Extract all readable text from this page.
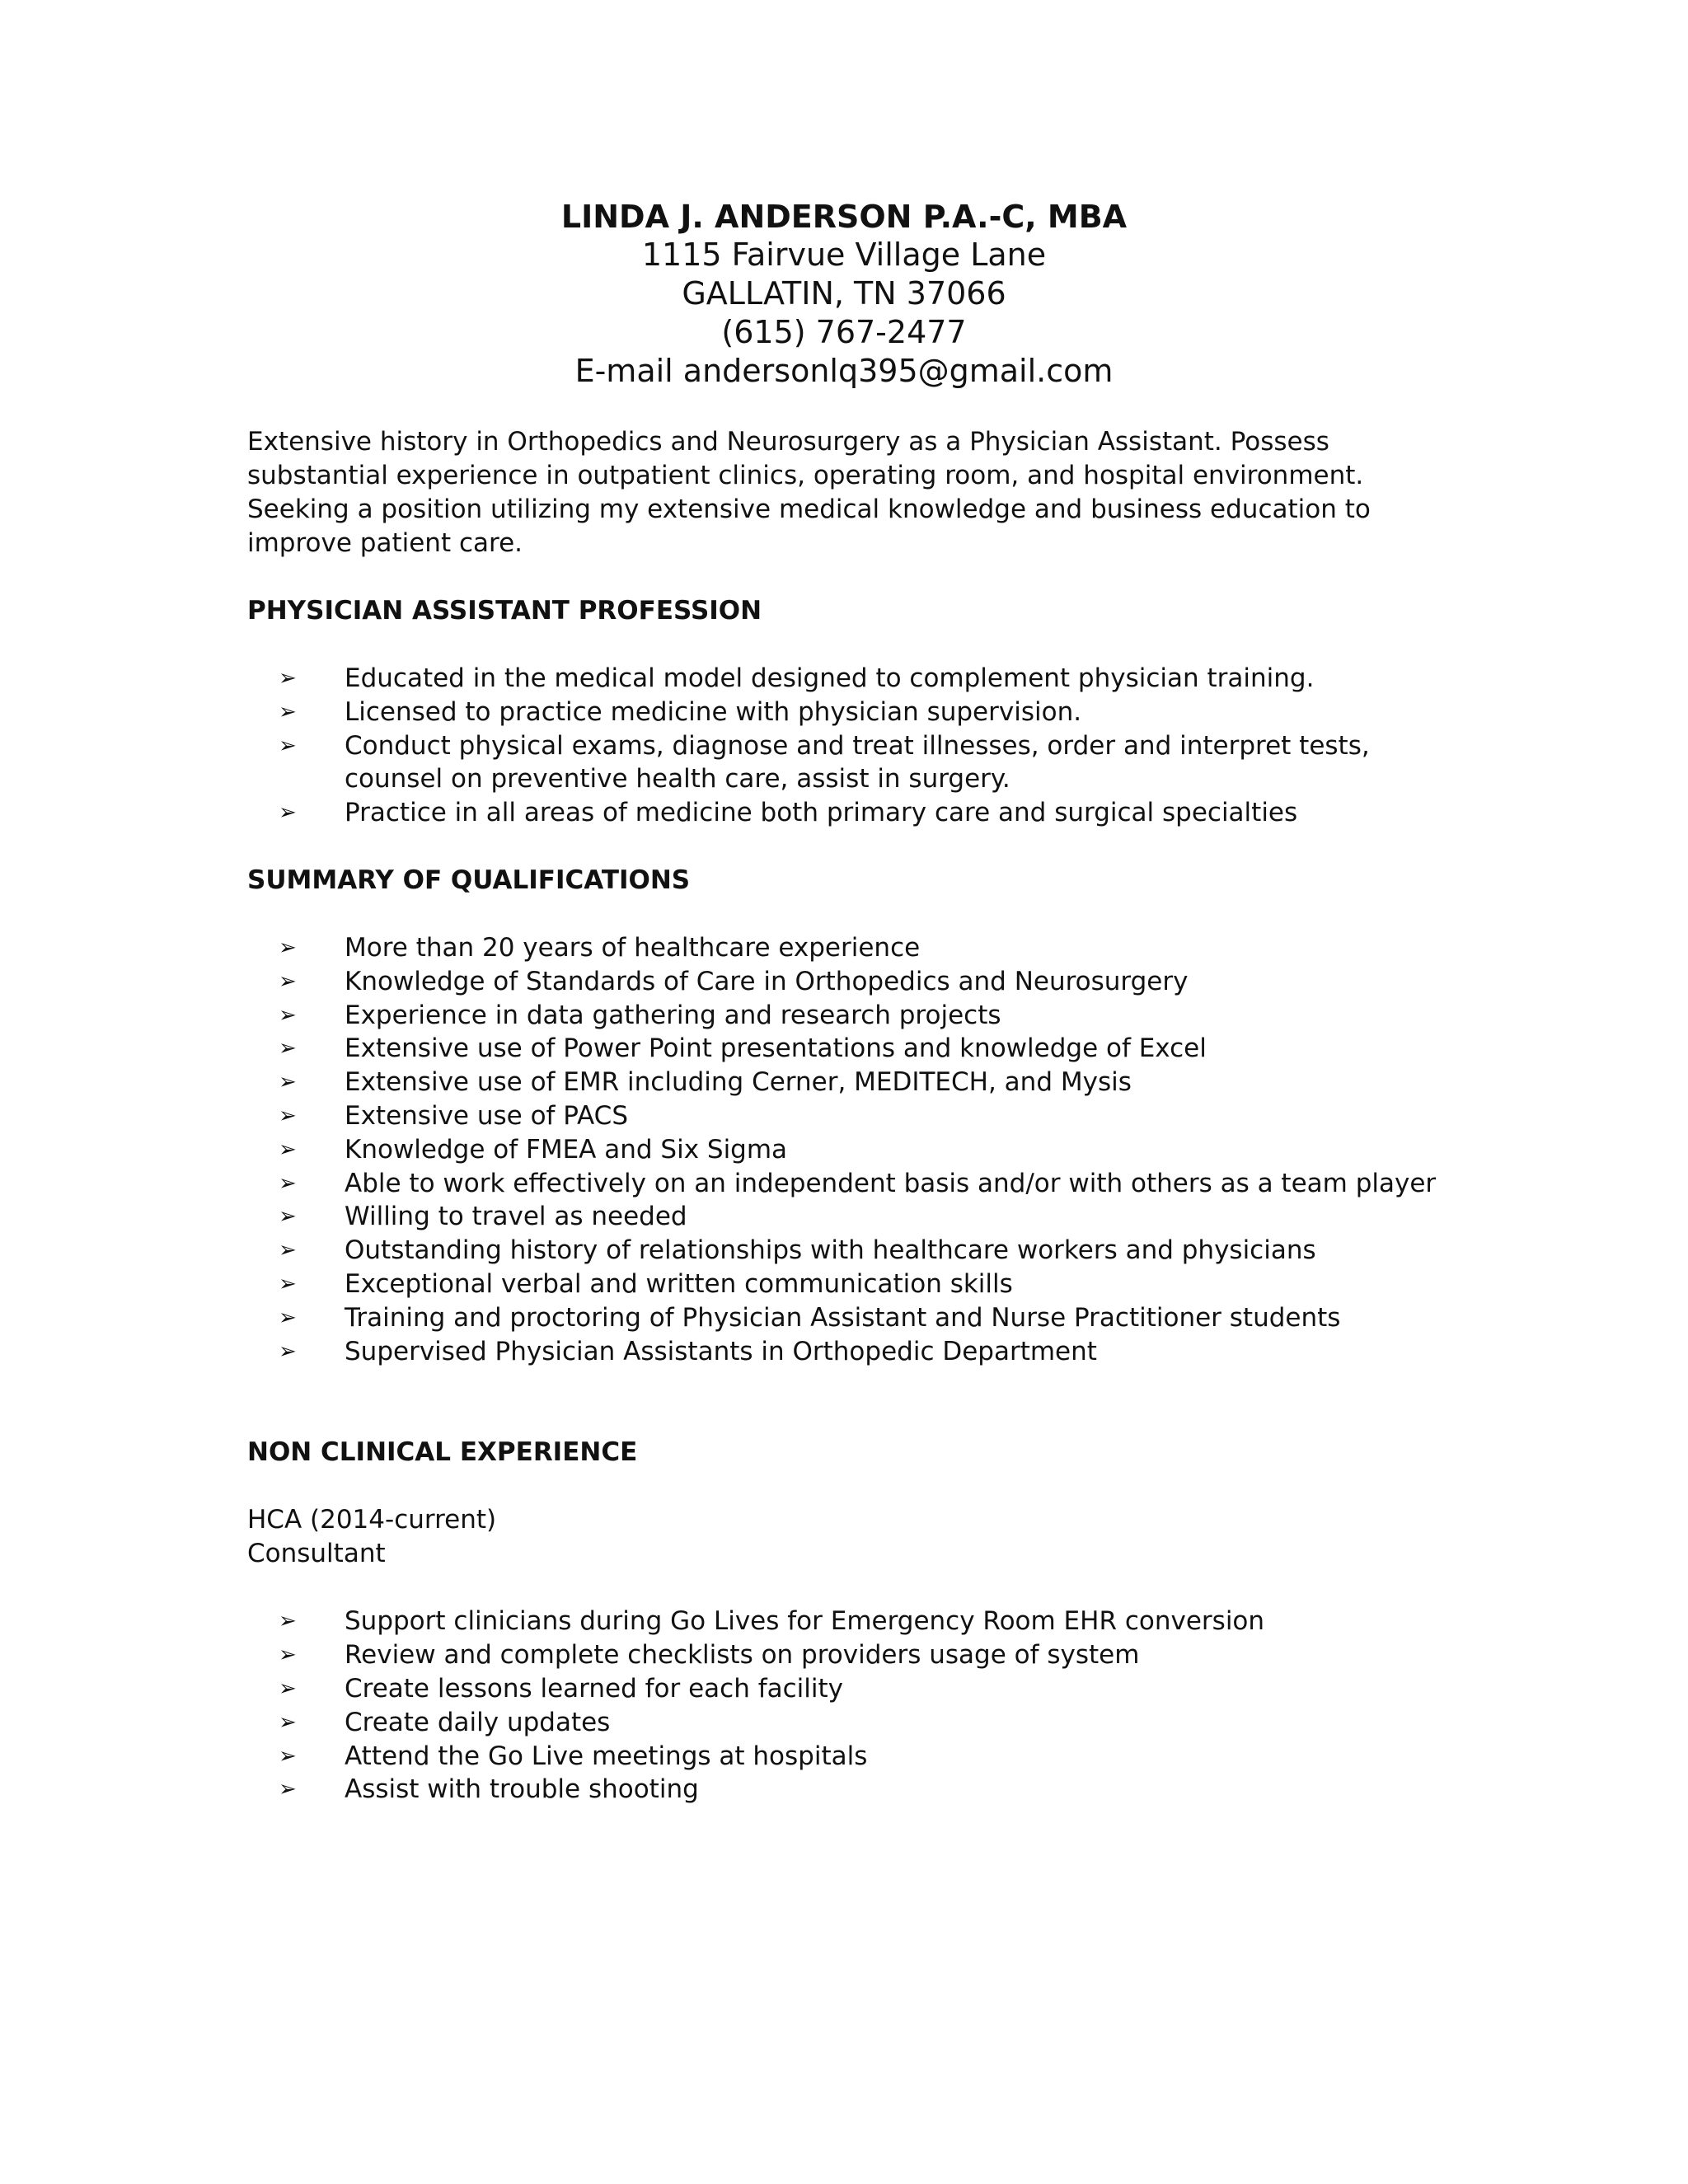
LINDA J. ANDERSON P.A.-C, MBA

1115 Fairvue Village Lane

GALLATIN, TN 37066

(615) 767-2477

E-mail andersonlq395@gmail.com

Extensive history in Orthopedics and Neurosurgery as a Physician Assistant. Possess substantial experience in outpatient clinics, operating room, and hospital environment. Seeking a position utilizing my extensive medical knowledge and business education to improve patient care.

PHYSICIAN ASSISTANT PROFESSION

➢ Educated in the medical model designed to complement physician training.
➢ Licensed to practice medicine with physician supervision.
➢ Conduct physical exams, diagnose and treat illnesses, order and interpret tests, counsel on preventive health care, assist in surgery.
➢ Practice in all areas of medicine both primary care and surgical specialties

SUMMARY OF QUALIFICATIONS

➢ More than 20 years of healthcare experience
➢ Knowledge of Standards of Care in Orthopedics and Neurosurgery
➢ Experience in data gathering and research projects
➢ Extensive use of Power Point presentations and knowledge of Excel
➢ Extensive use of EMR including Cerner, MEDITECH, and Mysis
➢ Extensive use of PACS
➢ Knowledge of FMEA and Six Sigma
➢ Able to work effectively on an independent basis and/or with others as a team player
➢ Willing to travel as needed
➢ Outstanding history of relationships with healthcare workers and physicians
➢ Exceptional verbal and written communication skills
➢ Training and proctoring of Physician Assistant and Nurse Practitioner students
➢ Supervised Physician Assistants in Orthopedic Department

NON CLINICAL EXPERIENCE

HCA (2014-current)

Consultant

➢ Support clinicians during Go Lives for Emergency Room EHR conversion
➢ Review and complete checklists on providers usage of system
➢ Create lessons learned for each facility
➢ Create daily updates
➢ Attend the Go Live meetings at hospitals
➢ Assist with trouble shooting
